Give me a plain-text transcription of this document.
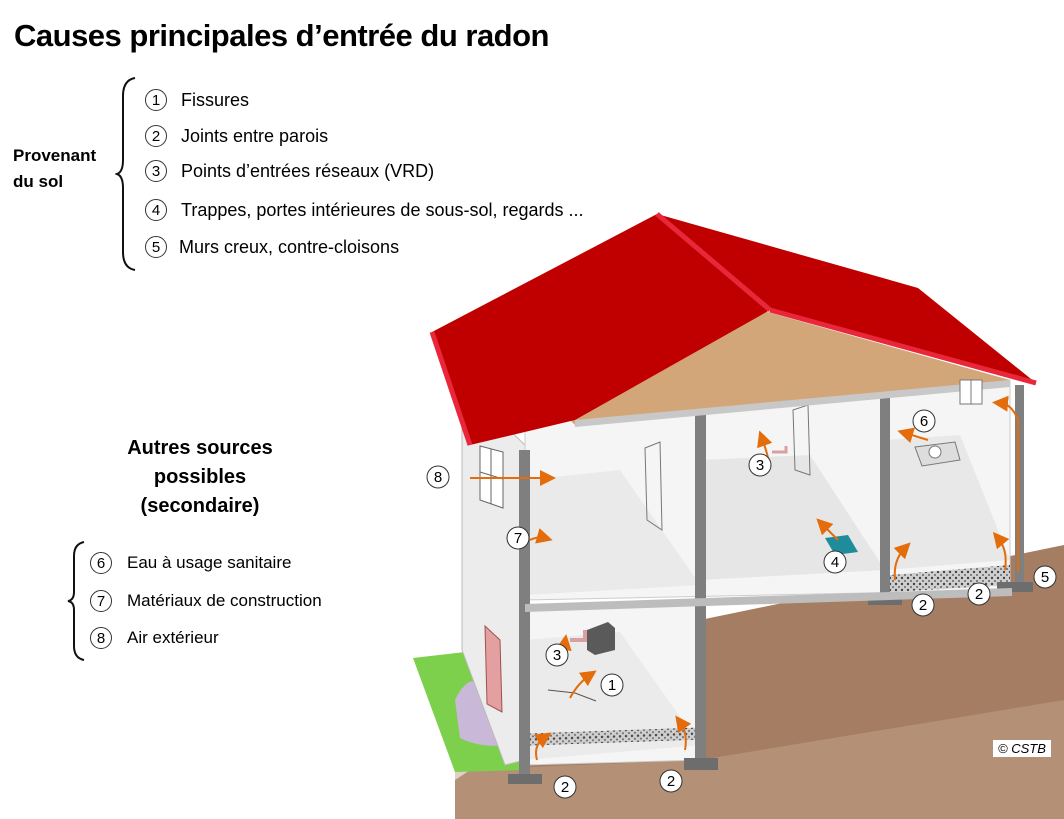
Causes principales d’entrée du radon
Provenant
du sol
1	Fissures
2	Joints entre parois
3	Points d’entrées réseaux (VRD)
4	Trappes, portes intérieures de sous-sol, regards ...
5	Murs creux, contre-cloisons
Autres sources
possibles
(secondaire)
6	Eau à usage sanitaire
7	Matériaux de construction
8	Air extérieur
8
7
3
6
4
5
2
2
3
1
2	2
© CSTB
